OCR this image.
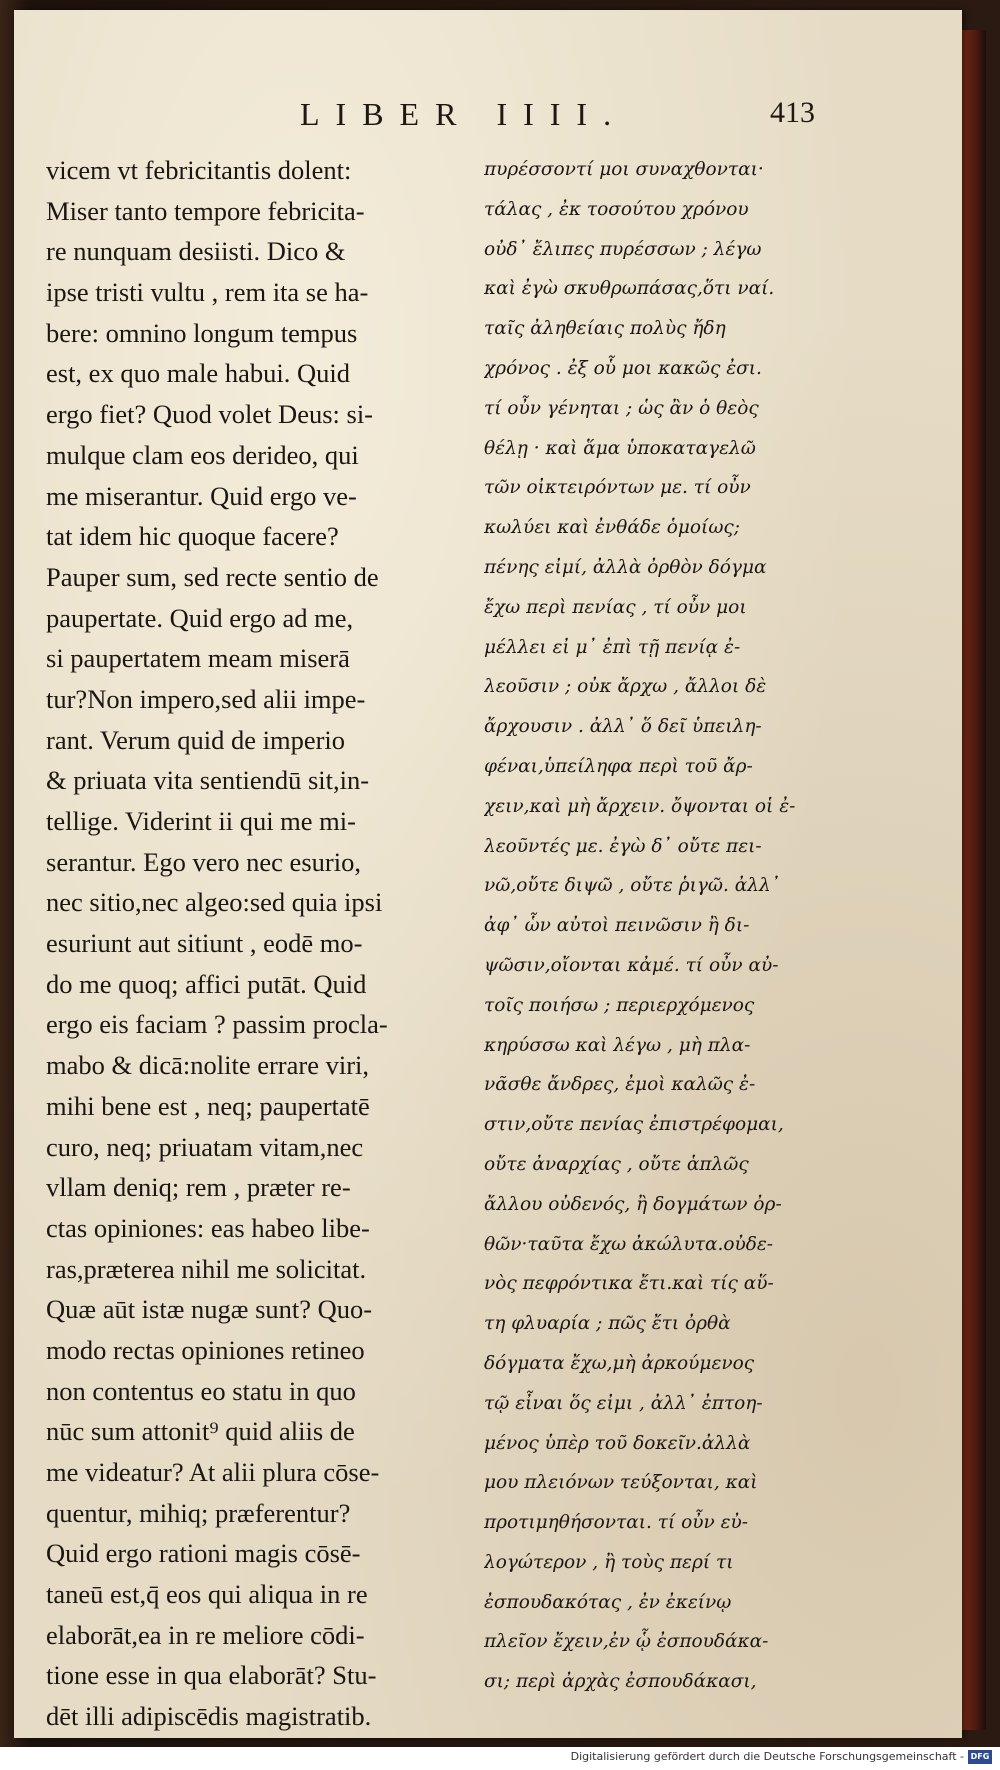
LIBER IIII.	413
vicem vt febricitantis dolent:
Miser tanto tempore febricita-
re nunquam desiisti. Dico &
ipse tristi vultu , rem ita se ha-
bere: omnino longum tempus
est, ex quo male habui. Quid
ergo fiet? Quod volet Deus: si-
mulque clam eos derideo, qui
me miserantur. Quid ergo ve-
tat idem hic quoque facere?
Pauper sum, sed recte sentio de
paupertate. Quid ergo ad me,
si paupertatem meam miserā
tur?Non impero,sed alii impe-
rant. Verum quid de imperio
& priuata vita sentiendū sit,in-
tellige. Viderint ii qui me mi-
serantur. Ego vero nec esurio,
nec sitio,nec algeo:sed quia ipsi
esuriunt aut sitiunt , eodē mo-
do me quoq; affici putāt. Quid
ergo eis faciam ? passim procla-
mabo & dicā:nolite errare viri,
mihi bene est , neq; paupertatē
curo, neq; priuatam vitam,nec
vllam deniq; rem , præter re-
ctas opiniones: eas habeo libe-
ras,præterea nihil me solicitat.
Quæ aūt istæ nugæ sunt? Quo-
modo rectas opiniones retineo
non contentus eo statu in quo
nūc sum attonit⁹ quid aliis de
me videatur? At alii plura cōse-
quentur, mihiq; præferentur?
Quid ergo rationi magis cōsē-
taneū est,q̄ eos qui aliqua in re
elaborāt,ea in re meliore cōdi-
tione esse in qua elaborāt? Stu-
dēt illi adipiscēdis magistratib.
πυρέσσοντί μοι συναχθονται·
τάλας , ἐκ τοσούτου χρόνου
οὐδ᾽ ἔλιπες πυρέσσων ; λέγω
καὶ ἐγὼ σκυθρωπάσας,ὅτι ναί.
ταῖς ἀληθείαις πολὺς ἤδη
χρόνος . ἐξ οὗ μοι κακῶς ἐσι.
τί οὖν γένηται ; ὡς ἂν ὁ θεὸς
θέλῃ · καὶ ἅμα ὑποκαταγελῶ
τῶν οἰκτειρόντων με. τί οὖν
κωλύει καὶ ἐνθάδε ὁμοίως;
πένης εἰμί, ἀλλὰ ὀρθὸν δόγμα
ἔχω περὶ πενίας , τί οὖν μοι
μέλλει εἰ μ᾽ ἐπὶ τῇ πενίᾳ ἐ-
λεοῦσιν ; οὐκ ἄρχω , ἄλλοι δὲ
ἄρχουσιν . ἀλλ᾽ ὅ δεῖ ὑπειλη-
φέναι,ὑπείληφα περὶ τοῦ ἄρ-
χειν,καὶ μὴ ἄρχειν. ὄψονται οἱ ἐ-
λεοῦντές με. ἐγὼ δ᾽ οὔτε πει-
νῶ,οὔτε διψῶ , οὔτε ῥιγῶ. ἀλλ᾽
ἀφ᾽ ὧν αὐτοὶ πεινῶσιν ἢ δι-
ψῶσιν,οἴονται κἀμέ. τί οὖν αὐ-
τοῖς ποιήσω ; περιερχόμενος
κηρύσσω καὶ λέγω , μὴ πλα-
νᾶσθε ἄνδρες, ἐμοὶ καλῶς ἐ-
στιν,οὔτε πενίας ἐπιστρέφομαι,
οὔτε ἀναρχίας , οὔτε ἁπλῶς
ἄλλου οὐδενός, ἢ δογμάτων ὀρ-
θῶν·ταῦτα ἔχω ἀκώλυτα.οὐδε-
νὸς πεφρόντικα ἔτι.καὶ τίς αὕ-
τη φλυαρία ; πῶς ἔτι ὀρθὰ
δόγματα ἔχω,μὴ ἀρκούμενος
τῷ εἶναι ὅς εἰμι , ἀλλ᾽ ἐπτοη-
μένος ὑπὲρ τοῦ δοκεῖν.ἀλλὰ
μου πλειόνων τεύξονται, καὶ
προτιμηθήσονται. τί οὖν εὐ-
λογώτερον , ἢ τοὺς περί τι
ἐσπουδακότας , ἐν ἐκείνῳ
πλεῖον ἔχειν,ἐν ᾧ ἐσπουδάκα-
σι; περὶ ἀρχὰς ἐσπουδάκασι,
Digitalisierung gefördert durch die Deutsche Forschungsgemeinschaft - DFG
